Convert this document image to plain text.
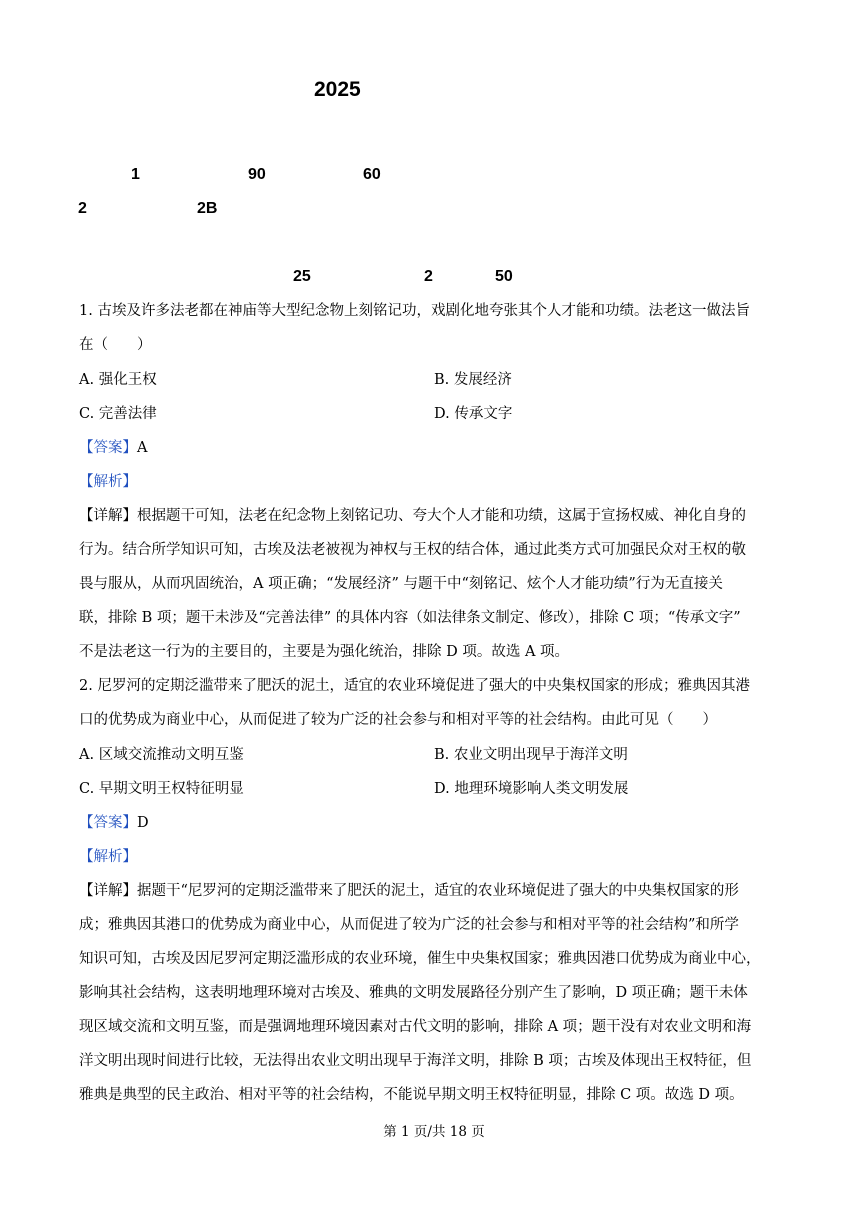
2025
1	90	60
2	2B
25	2	50
1. 古埃及许多法老都在神庙等大型纪念物上刻铭记功，戏剧化地夸张其个人才能和功绩。法老这一做法旨
在（　　）
A. 强化王权	B. 发展经济
C. 完善法律	D. 传承文字
【答案】A
【解析】
【详解】根据题干可知，法老在纪念物上刻铭记功、夸大个人才能和功绩，这属于宣扬权威、神化自身的
行为。结合所学知识可知，古埃及法老被视为神权与王权的结合体，通过此类方式可加强民众对王权的敬
畏与服从，从而巩固统治，A 项正确；“发展经济” 与题干中“刻铭记、炫个人才能功绩”行为无直接关
联，排除 B 项；题干未涉及“完善法律” 的具体内容（如法律条文制定、修改），排除 C 项；“传承文字”
不是法老这一行为的主要目的，主要是为强化统治，排除 D 项。故选 A 项。
2. 尼罗河的定期泛滥带来了肥沃的泥土，适宜的农业环境促进了强大的中央集权国家的形成；雅典因其港
口的优势成为商业中心，从而促进了较为广泛的社会参与和相对平等的社会结构。由此可见（　　）
A. 区域交流推动文明互鉴	B. 农业文明出现早于海洋文明
C. 早期文明王权特征明显	D. 地理环境影响人类文明发展
【答案】D
【解析】
【详解】据题干“尼罗河的定期泛滥带来了肥沃的泥土，适宜的农业环境促进了强大的中央集权国家的形
成；雅典因其港口的优势成为商业中心，从而促进了较为广泛的社会参与和相对平等的社会结构”和所学
知识可知，古埃及因尼罗河定期泛滥形成的农业环境，催生中央集权国家；雅典因港口优势成为商业中心，
影响其社会结构，这表明地理环境对古埃及、雅典的文明发展路径分别产生了影响，D 项正确；题干未体
现区域交流和文明互鉴，而是强调地理环境因素对古代文明的影响，排除 A 项；题干没有对农业文明和海
洋文明出现时间进行比较，无法得出农业文明出现早于海洋文明，排除 B 项；古埃及体现出王权特征，但
雅典是典型的民主政治、相对平等的社会结构，不能说早期文明王权特征明显，排除 C 项。故选 D 项。
第 1 页/共 18 页
